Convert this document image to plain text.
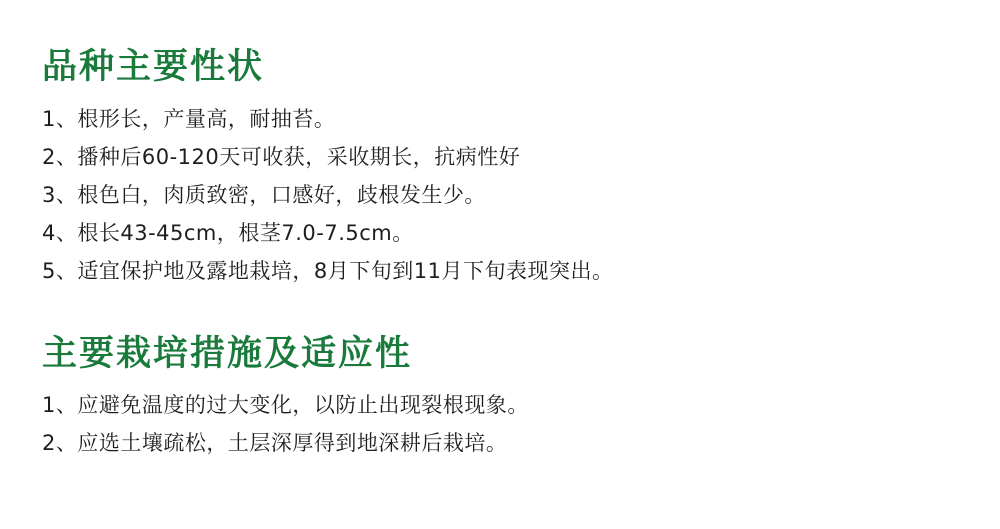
品种主要性状
1、根形长，产量高，耐抽苔。
2、播种后60-120天可收获，采收期长，抗病性好
3、根色白，肉质致密，口感好，歧根发生少。
4、根长43-45cm，根茎7.0-7.5cm。
5、适宜保护地及露地栽培，8月下旬到11月下旬表现突出。
主要栽培措施及适应性
1、应避免温度的过大变化，以防止出现裂根现象。
2、应选土壤疏松，土层深厚得到地深耕后栽培。
